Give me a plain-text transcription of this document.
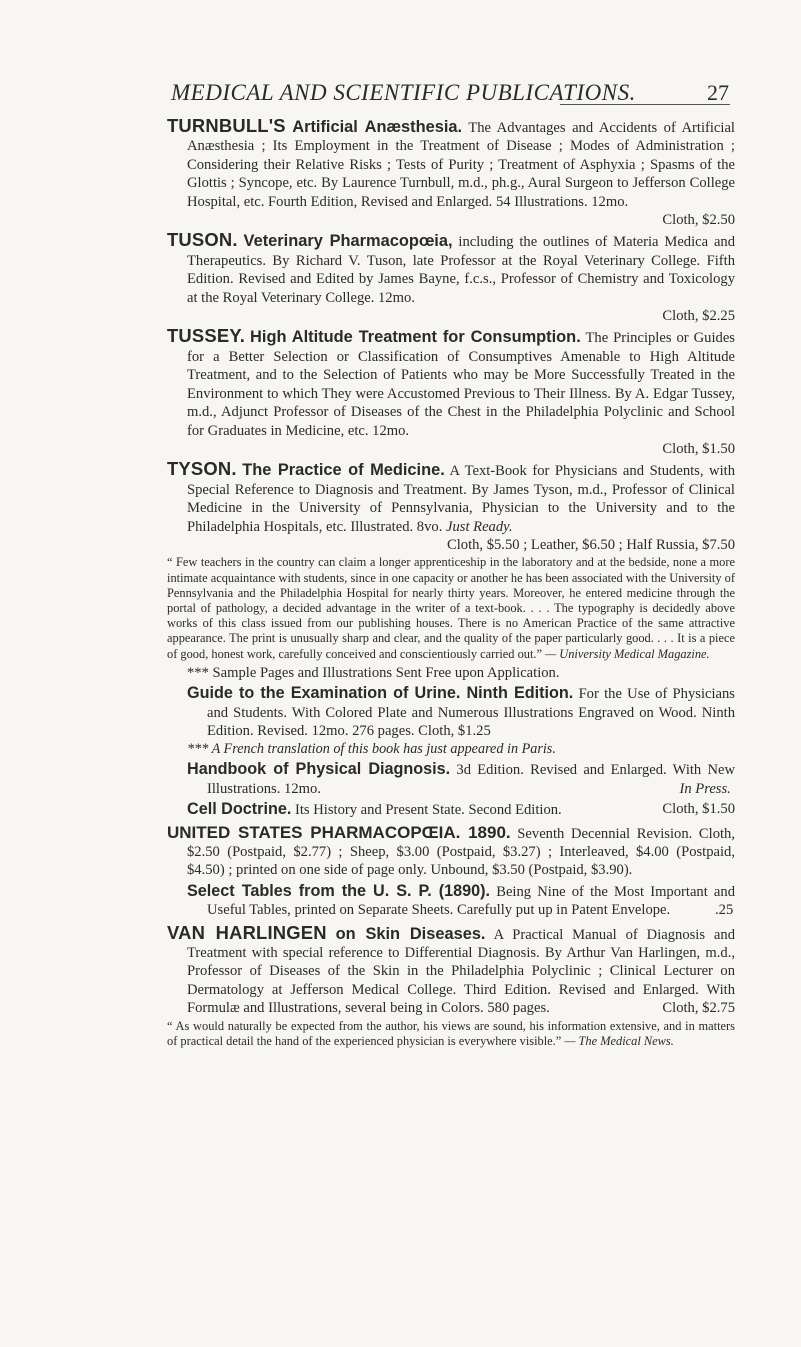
MEDICAL AND SCIENTIFIC PUBLICATIONS.	27

TURNBULL'S Artificial Anæsthesia. The Advantages and Accidents of Artificial Anæsthesia ; Its Employment in the Treatment of Disease ; Modes of Administration ; Considering their Relative Risks ; Tests of Purity ; Treatment of Asphyxia ; Spasms of the Glottis ; Syncope, etc. By Laurence Turnbull, m.d., ph.g., Aural Surgeon to Jefferson College Hospital, etc. Fourth Edition, Revised and Enlarged. 54 Illustrations. 12mo.
Cloth, $2.50

TUSON. Veterinary Pharmacopœia, including the outlines of Materia Medica and Therapeutics. By Richard V. Tuson, late Professor at the Royal Veterinary College. Fifth Edition. Revised and Edited by James Bayne, f.c.s., Professor of Chemistry and Toxicology at the Royal Veterinary College. 12mo.
Cloth, $2.25

TUSSEY. High Altitude Treatment for Consumption. The Principles or Guides for a Better Selection or Classification of Consumptives Amenable to High Altitude Treatment, and to the Selection of Patients who may be More Successfully Treated in the Environment to which They were Accustomed Previous to Their Illness. By A. Edgar Tussey, m.d., Adjunct Professor of Diseases of the Chest in the Philadelphia Polyclinic and School for Graduates in Medicine, etc. 12mo.
Cloth, $1.50

TYSON. The Practice of Medicine. A Text-Book for Physicians and Students, with Special Reference to Diagnosis and Treatment. By James Tyson, m.d., Professor of Clinical Medicine in the University of Pennsylvania, Physician to the University and to the Philadelphia Hospitals, etc. Illustrated. 8vo. Just Ready.
Cloth, $5.50 ; Leather, $6.50 ; Half Russia, $7.50

“ Few teachers in the country can claim a longer apprenticeship in the laboratory and at the bedside, none a more intimate acquaintance with students, since in one capacity or another he has been associated with the University of Pennsylvania and the Philadelphia Hospital for nearly thirty years. Moreover, he entered medicine through the portal of pathology, a decided advantage in the writer of a text-book. . . . The typography is decidedly above works of this class issued from our publishing houses. There is no American Practice of the same attractive appearance. The print is unusually sharp and clear, and the quality of the paper particularly good. . . . It is a piece of good, honest work, carefully conceived and conscientiously carried out.” — University Medical Magazine.

*** Sample Pages and Illustrations Sent Free upon Application.

Guide to the Examination of Urine. Ninth Edition. For the Use of Physicians and Students. With Colored Plate and Numerous Illustrations Engraved on Wood. Ninth Edition. Revised. 12mo. 276 pages. Cloth, $1.25

*** A French translation of this book has just appeared in Paris.

Handbook of Physical Diagnosis. 3d Edition. Revised and Enlarged. With New Illustrations. 12mo.	In Press.

Cell Doctrine. Its History and Present State. Second Edition.	Cloth, $1.50

UNITED STATES PHARMACOPŒIA. 1890. Seventh Decennial Revision. Cloth, $2.50 (Postpaid, $2.77) ; Sheep, $3.00 (Postpaid, $3.27) ; Interleaved, $4.00 (Postpaid, $4.50) ; printed on one side of page only. Unbound, $3.50 (Postpaid, $3.90).

Select Tables from the U. S. P. (1890). Being Nine of the Most Important and Useful Tables, printed on Separate Sheets. Carefully put up in Patent Envelope.	.25

VAN HARLINGEN on Skin Diseases. A Practical Manual of Diagnosis and Treatment with special reference to Differential Diagnosis. By Arthur Van Harlingen, m.d., Professor of Diseases of the Skin in the Philadelphia Polyclinic ; Clinical Lecturer on Dermatology at Jefferson Medical College. Third Edition. Revised and Enlarged. With Formulæ and Illustrations, several being in Colors. 580 pages.	Cloth, $2.75

“ As would naturally be expected from the author, his views are sound, his information extensive, and in matters of practical detail the hand of the experienced physician is everywhere visible.” — The Medical News.
